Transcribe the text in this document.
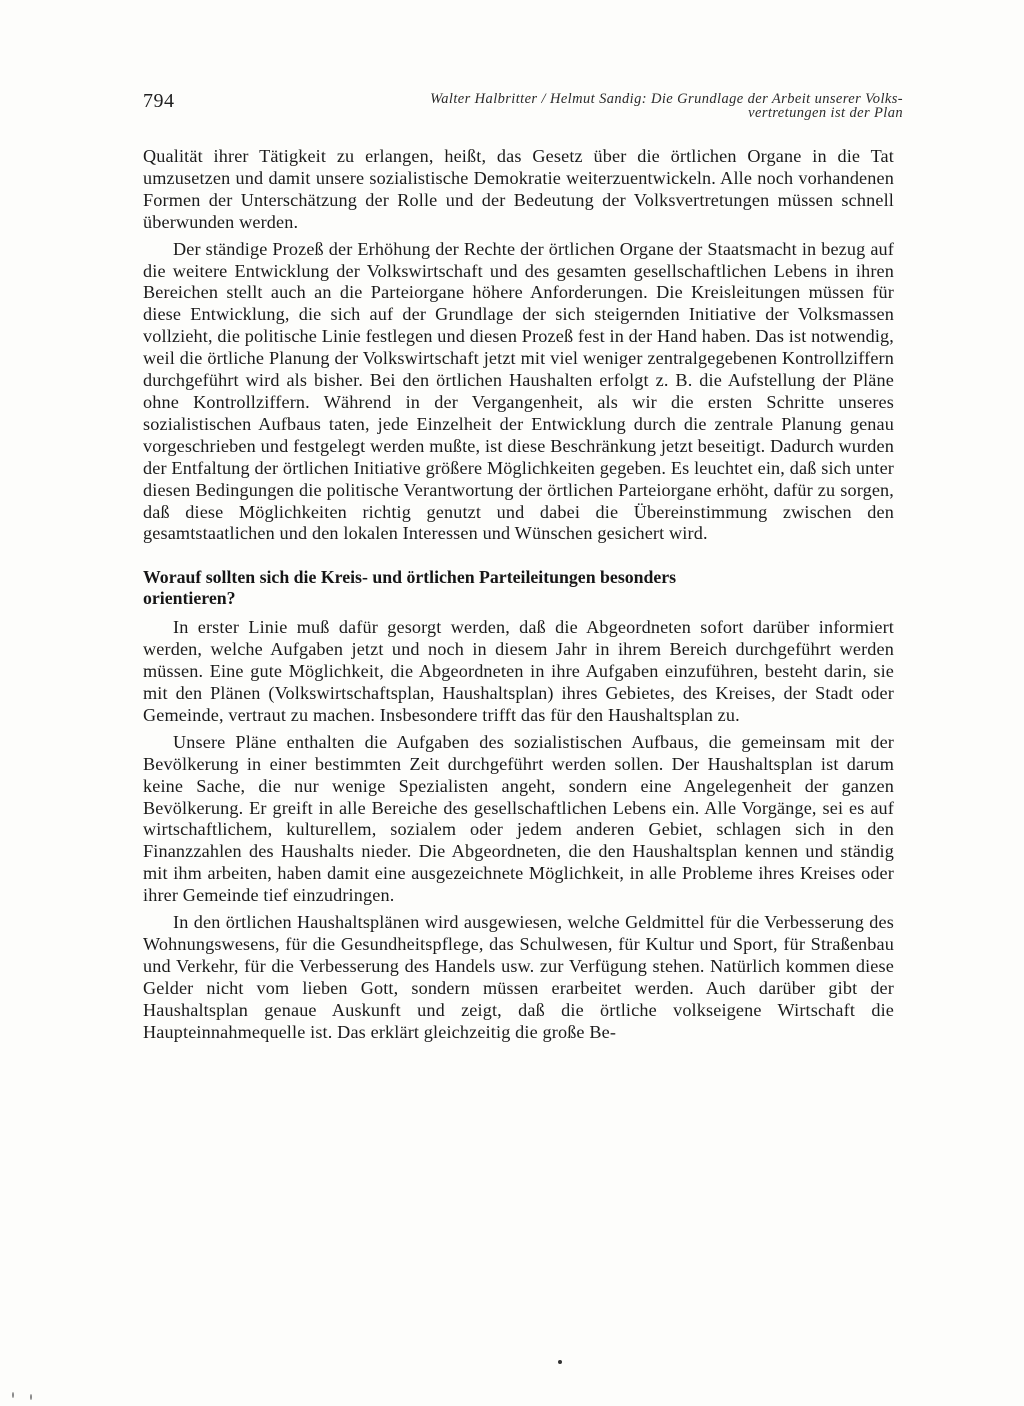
794	Walter Halbritter / Helmut Sandig: Die Grundlage der Arbeit unserer Volks-
vertretungen ist der Plan

Qualität ihrer Tätigkeit zu erlangen, heißt, das Gesetz über die örtlichen Organe in die Tat umzusetzen und damit unsere sozialistische Demokratie weiterzuentwickeln. Alle noch vorhandenen Formen der Unterschätzung der Rolle und der Bedeutung der Volksvertretungen müssen schnell überwunden werden.

Der ständige Prozeß der Erhöhung der Rechte der örtlichen Organe der Staatsmacht in bezug auf die weitere Entwicklung der Volkswirtschaft und des gesamten gesellschaftlichen Lebens in ihren Bereichen stellt auch an die Parteiorgane höhere Anforderungen. Die Kreisleitungen müssen für diese Entwicklung, die sich auf der Grundlage der sich steigernden Initiative der Volksmassen vollzieht, die politische Linie festlegen und diesen Prozeß fest in der Hand haben. Das ist notwendig, weil die örtliche Planung der Volkswirtschaft jetzt mit viel weniger zentralgegebenen Kontrollziffern durchgeführt wird als bisher. Bei den örtlichen Haushalten erfolgt z. B. die Aufstellung der Pläne ohne Kontrollziffern. Während in der Vergangenheit, als wir die ersten Schritte unseres sozialistischen Aufbaus taten, jede Einzelheit der Entwicklung durch die zentrale Planung genau vorgeschrieben und festgelegt werden mußte, ist diese Beschränkung jetzt beseitigt. Dadurch wurden der Entfaltung der örtlichen Initiative größere Möglichkeiten gegeben. Es leuchtet ein, daß sich unter diesen Bedingungen die politische Verantwortung der örtlichen Parteiorgane erhöht, dafür zu sorgen, daß diese Möglichkeiten richtig genutzt und dabei die Übereinstimmung zwischen den gesamtstaatlichen und den lokalen Interessen und Wünschen gesichert wird.

Worauf sollten sich die Kreis- und örtlichen Parteileitungen besonders orientieren?

In erster Linie muß dafür gesorgt werden, daß die Abgeordneten sofort darüber informiert werden, welche Aufgaben jetzt und noch in diesem Jahr in ihrem Bereich durchgeführt werden müssen. Eine gute Möglichkeit, die Abgeordneten in ihre Aufgaben einzuführen, besteht darin, sie mit den Plänen (Volkswirtschaftsplan, Haushaltsplan) ihres Gebietes, des Kreises, der Stadt oder Gemeinde, vertraut zu machen. Insbesondere trifft das für den Haushaltsplan zu.

Unsere Pläne enthalten die Aufgaben des sozialistischen Aufbaus, die gemeinsam mit der Bevölkerung in einer bestimmten Zeit durchgeführt werden sollen. Der Haushaltsplan ist darum keine Sache, die nur wenige Spezialisten angeht, sondern eine Angelegenheit der ganzen Bevölkerung. Er greift in alle Bereiche des gesellschaftlichen Lebens ein. Alle Vorgänge, sei es auf wirtschaftlichem, kulturellem, sozialem oder jedem anderen Gebiet, schlagen sich in den Finanzzahlen des Haushalts nieder. Die Abgeordneten, die den Haushaltsplan kennen und ständig mit ihm arbeiten, haben damit eine ausgezeichnete Möglichkeit, in alle Probleme ihres Kreises oder ihrer Gemeinde tief einzudringen.

In den örtlichen Haushaltsplänen wird ausgewiesen, welche Geldmittel für die Verbesserung des Wohnungswesens, für die Gesundheitspflege, das Schulwesen, für Kultur und Sport, für Straßenbau und Verkehr, für die Verbesserung des Handels usw. zur Verfügung stehen. Natürlich kommen diese Gelder nicht vom lieben Gott, sondern müssen erarbeitet werden. Auch darüber gibt der Haushaltsplan genaue Auskunft und zeigt, daß die örtliche volkseigene Wirtschaft die Haupteinnahmequelle ist. Das erklärt gleichzeitig die große Be-
